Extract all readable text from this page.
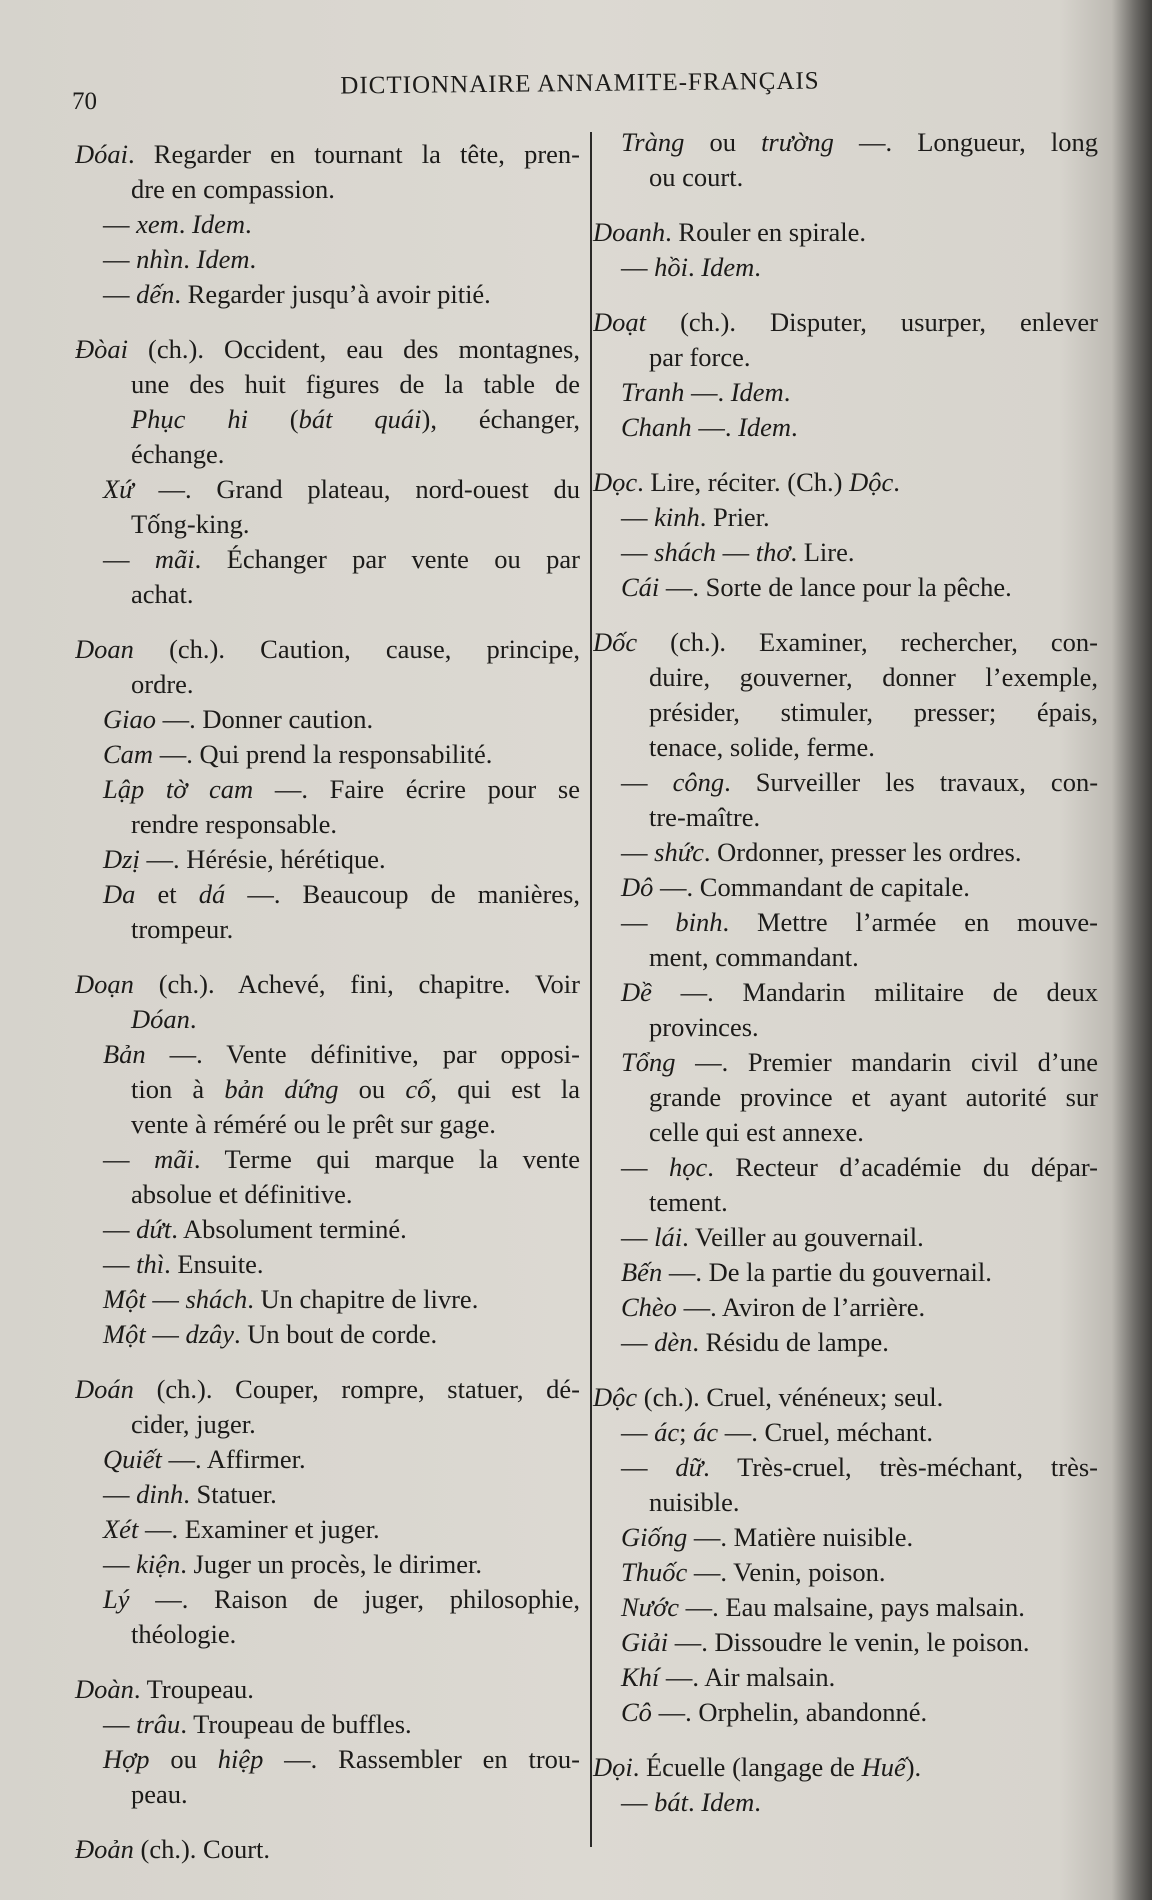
70
DICTIONNAIRE ANNAMITE-FRANÇAIS
Dóai. Regarder en tournant la tête, pren-
dre en compassion.
— xem. Idem.
— nhìn. Idem.
— dến. Regarder jusqu’à avoir pitié.
Đòai (ch.). Occident, eau des montagnes,
une des huit figures de la table de
Phục hi (bát quái), échanger,
échange.
Xứ —. Grand plateau, nord-ouest du
Tống-king.
— mãi. Échanger par vente ou par
achat.
Doan (ch.). Caution, cause, principe,
ordre.
Giao —. Donner caution.
Cam —. Qui prend la responsabilité.
Lập tờ cam —. Faire écrire pour se
rendre responsable.
Dzị —. Hérésie, hérétique.
Da et dá —. Beaucoup de manières,
trompeur.
Doạn (ch.). Achevé, fini, chapitre. Voir
Dóan.
Bản —. Vente définitive, par opposi-
tion à bản dứng ou cố, qui est la
vente à réméré ou le prêt sur gage.
— mãi. Terme qui marque la vente
absolue et définitive.
— dứt. Absolument terminé.
— thì. Ensuite.
Một — shách. Un chapitre de livre.
Một — dzây. Un bout de corde.
Doán (ch.). Couper, rompre, statuer, dé-
cider, juger.
Quiết —. Affirmer.
— dinh. Statuer.
Xét —. Examiner et juger.
— kiện. Juger un procès, le dirimer.
Lý —. Raison de juger, philosophie,
théologie.
Doàn. Troupeau.
— trâu. Troupeau de buffles.
Hợp ou hiệp —. Rassembler en trou-
peau.
Đoản (ch.). Court.
Tràng ou trường —. Longueur, long
ou court.
Doanh. Rouler en spirale.
— hồi. Idem.
Doạt (ch.). Disputer, usurper, enlever
par force.
Tranh —. Idem.
Chanh —. Idem.
Dọc. Lire, réciter. (Ch.) Dộc.
— kinh. Prier.
— shách — thơ. Lire.
Cái —. Sorte de lance pour la pêche.
Dốc (ch.). Examiner, rechercher, con-
duire, gouverner, donner l’exemple,
présider, stimuler, presser; épais,
tenace, solide, ferme.
— công. Surveiller les travaux, con-
tre-maître.
— shức. Ordonner, presser les ordres.
Dô —. Commandant de capitale.
— binh. Mettre l’armée en mouve-
ment, commandant.
Dề —. Mandarin militaire de deux
provinces.
Tổng —. Premier mandarin civil d’une
grande province et ayant autorité sur
celle qui est annexe.
— học. Recteur d’académie du dépar-
tement.
— lái. Veiller au gouvernail.
Bến —. De la partie du gouvernail.
Chèo —. Aviron de l’arrière.
— dèn. Résidu de lampe.
Dộc (ch.). Cruel, vénéneux; seul.
— ác; ác —. Cruel, méchant.
— dữ. Très-cruel, très-méchant, très-
nuisible.
Giống —. Matière nuisible.
Thuốc —. Venin, poison.
Nước —. Eau malsaine, pays malsain.
Giải —. Dissoudre le venin, le poison.
Khí —. Air malsain.
Cô —. Orphelin, abandonné.
Dọi. Écuelle (langage de Huế).
— bát. Idem.
